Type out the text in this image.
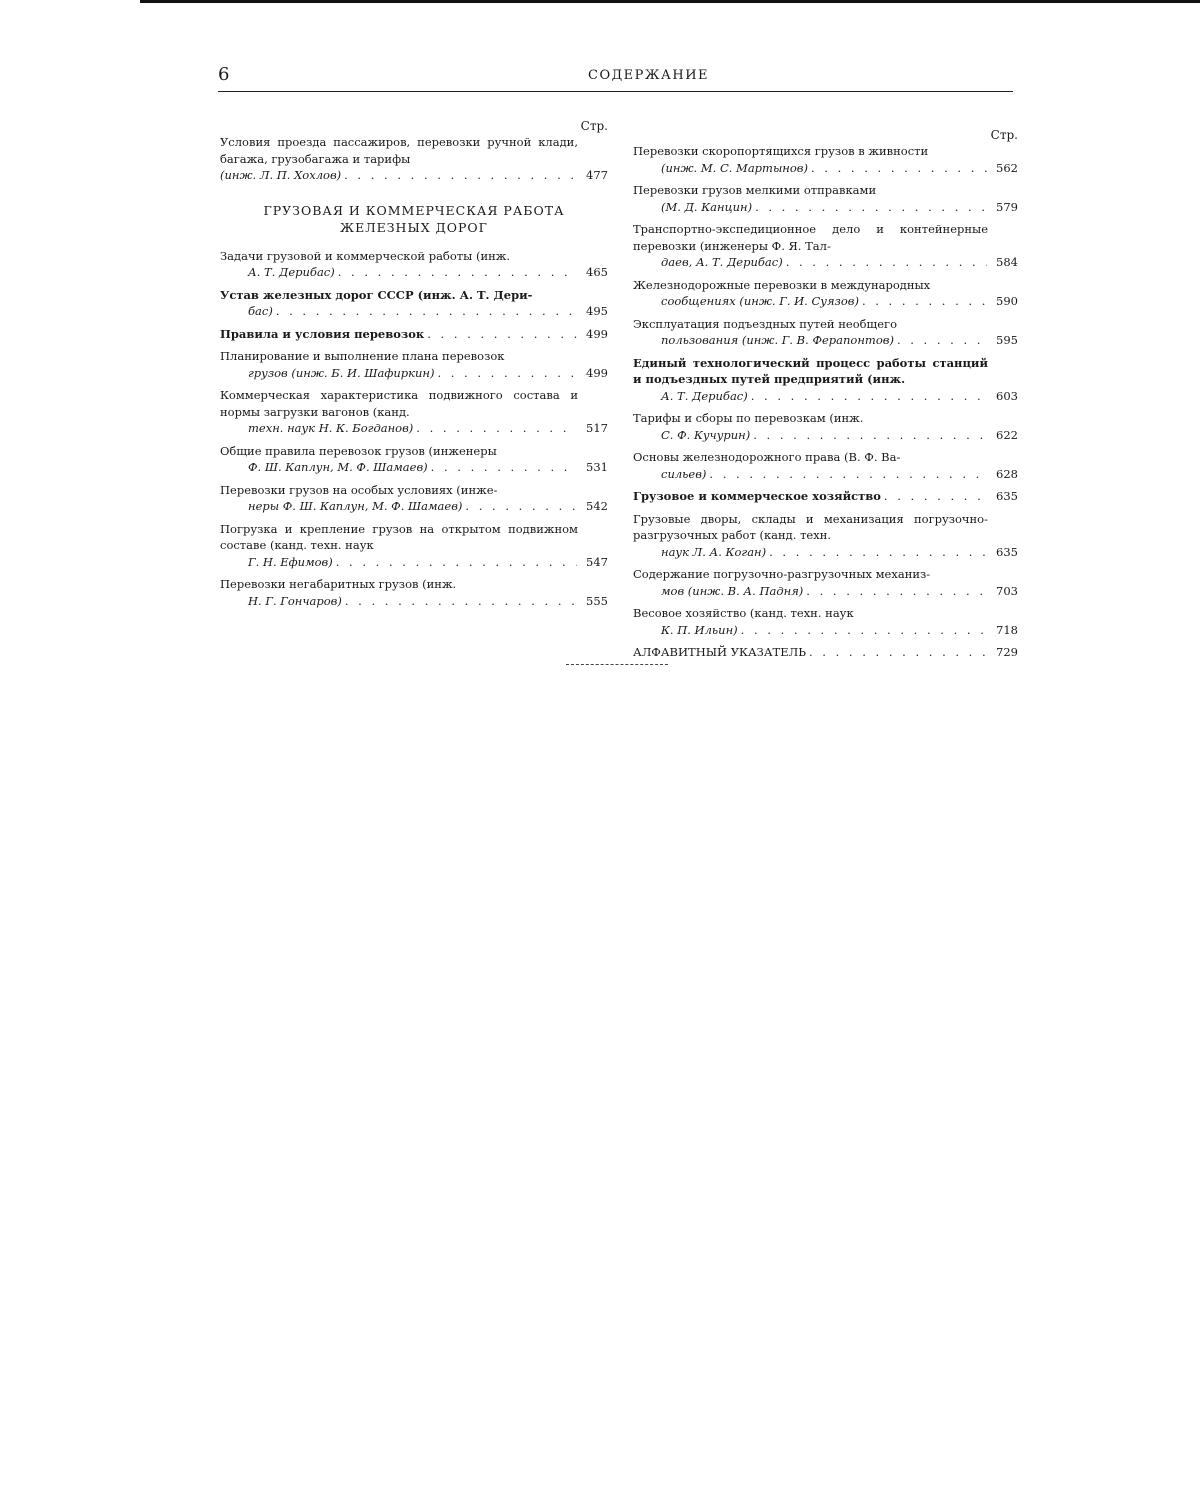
6	СОДЕРЖАНИЕ
Стр.
Условия проезда пассажиров, перевозки ручной клади, багажа, грузобагажа и тарифы
(инж. Л. П. Хохлов) . . .	477
ГРУЗОВАЯ И КОММЕРЧЕСКАЯ РАБОТА ЖЕЛЕЗНЫХ ДОРОГ
Задачи грузовой и коммерческой работы (инж.
А. Т. Дерибас) . . .	465
Устав железных дорог СССР (инж. А. Т. Дери-
бас) . . .	495
Правила и условия перевозок . . .	499
Планирование и выполнение плана перевозок
грузов (инж. Б. И. Шафиркин) . . .	499
Коммерческая характеристика подвижного состава и нормы загрузки вагонов (канд.
техн. наук Н. К. Богданов) . . .	517
Общие правила перевозок грузов (инженеры
Ф. Ш. Каплун, М. Ф. Шамаев) . . .	531
Перевозки грузов на особых условиях (инже-
неры Ф. Ш. Каплун, М. Ф. Шамаев) . . .	542
Погрузка и крепление грузов на открытом подвижном составе (канд. техн. наук
Г. Н. Ефимов) . . .	547
Перевозки негабаритных грузов (инж.
Н. Г. Гончаров) . . .	555
Стр.
Перевозки скоропортящихся грузов в живности
(инж. М. С. Мартынов) . . .	562
Перевозки грузов мелкими отправками
(М. Д. Канцин) . . .	579
Транспортно-экспедиционное дело и контейнерные перевозки (инженеры Ф. Я. Тал-
даев, А. Т. Дерибас) . . .	584
Железнодорожные перевозки в международных
сообщениях (инж. Г. И. Суязов) . . .	590
Эксплуатация подъездных путей необщего
пользования (инж. Г. В. Ферапонтов) . . .	595
Единый технологический процесс работы станций и подъездных путей предприятий (инж.
А. Т. Дерибас) . . .	603
Тарифы и сборы по перевозкам (инж.
С. Ф. Кучурин) . . .	622
Основы железнодорожного права (В. Ф. Ва-
сильев) . . .	628
Грузовое и коммерческое хозяйство . . .	635
Грузовые дворы, склады и механизация погрузочно-разгрузочных работ (канд. техн.
наук Л. А. Коган) . . .	635
Содержание погрузочно-разгрузочных механиз-
мов (инж. В. А. Падня) . . .	703
Весовое хозяйство (канд. техн. наук
К. П. Ильин) . . .	718
АЛФАВИТНЫЙ УКАЗАТЕЛЬ . . .	729
